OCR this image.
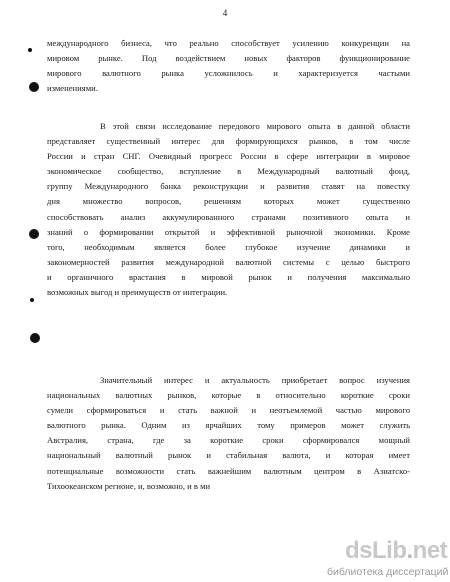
4
международного бизнеса, что реально способствует усилению конкуренции на
мировом рынке. Под воздействием новых факторов функционирование
мирового валютного рынка усложнилось и характеризуется частыми
изменениями.
В этой связи исследование передового мирового опыта в данной области
представляет существенный интерес для формирующихся рынков, в том числе
России и стран СНГ. Очевидный прогресс России в сфере интеграции в мировое
экономическое сообщество, вступление в Международный валютный фонд,
группу Международного банка реконструкции и развития ставят на повестку
дня множество вопросов, решениям которых может существенно
способствовать анализ аккумулированного странами позитивного опыта и
знаний о формировании открытой и эффективной рыночной экономики. Кроме
того, необходимым является более глубокое изучение динамики и
закономерностей развития международной валютной системы с целью быстрого
и органичного врастания в мировой рынок и получения максимально
возможных выгод и преимуществ от интеграции.
Значительный интерес и актуальность приобретает вопрос изучения
национальных валютных рынков, которые в относительно короткие сроки
сумели сформироваться и стать важной и неотъемлемой частью мирового
валютного рынка. Одним из ярчайших тому примеров может служить
Австралия, страна, где за короткие сроки сформировался мощный
национальный валютный рынок и стабильная валюта, и которая имеет
потенциальные возможности стать важнейшим валютным центром в Азиатско-
Тихоокеанском регионе, и, возможно, и в ми
dsLib.net
библиотека диссертаций
